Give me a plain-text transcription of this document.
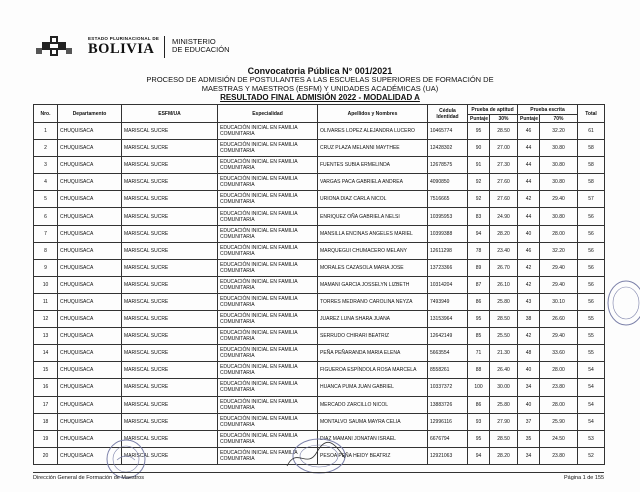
ESTADO PLURINACIONAL DE
BOLIVIA MINISTERIO
DE EDUCACIÓN
Convocatoria Pública N° 001/2021
PROCESO DE ADMISIÓN DE POSTULANTES A LAS ESCUELAS SUPERIORES DE FORMACIÓN DE
MAESTRAS Y MAESTROS (ESFM) Y UNIDADES ACADÉMICAS (UA)
RESULTADO FINAL ADMISIÓN 2022 - MODALIDAD A
Nro.	Departamento	ESFM/UA	Especialidad	Apellidos y Nombres	Cédula Identidad	Prueba de aptitud		Prueba escrita		Total
						Puntaje	30%	Puntaje	70%	
1	CHUQUISACA	MARISCAL SUCRE	EDUCACIÓN INICIAL EN FAMILIA COMUNITARIA	OLIVARES LOPEZ ALEJANDRA LUCERO	10465774	95	28.50	46	32.20	61
2	CHUQUISACA	MARISCAL SUCRE	EDUCACIÓN INICIAL EN FAMILIA COMUNITARIA	CRUZ PLAZA MELANNI MAYTHEE	12428302	90	27.00	44	30.80	58
3	CHUQUISACA	MARISCAL SUCRE	EDUCACIÓN INICIAL EN FAMILIA COMUNITARIA	FUENTES SUBIA ERMELINDA	12678575	91	27.30	44	30.80	58
4	CHUQUISACA	MARISCAL SUCRE	EDUCACIÓN INICIAL EN FAMILIA COMUNITARIA	VARGAS PACA GABRIELA ANDREA	4090850	92	27.60	44	30.80	58
5	CHUQUISACA	MARISCAL SUCRE	EDUCACIÓN INICIAL EN FAMILIA COMUNITARIA	URIONA DIAZ CARLA NICOL	7516665	92	27.60	42	29.40	57
6	CHUQUISACA	MARISCAL SUCRE	EDUCACIÓN INICIAL EN FAMILIA COMUNITARIA	ENRIQUEZ OÑA GABRIELA NELSI	10395953	83	24.90	44	30.80	56
7	CHUQUISACA	MARISCAL SUCRE	EDUCACIÓN INICIAL EN FAMILIA COMUNITARIA	MANSILLA ENCINAS ANGELES MARIEL	10399388	94	28.20	40	28.00	56
8	CHUQUISACA	MARISCAL SUCRE	EDUCACIÓN INICIAL EN FAMILIA COMUNITARIA	MARQUEGUI CHUMACERO MELANY	12611298	78	23.40	46	32.20	56
9	CHUQUISACA	MARISCAL SUCRE	EDUCACIÓN INICIAL EN FAMILIA COMUNITARIA	MORALES CAZASOLA MARIA JOSE	13723366	89	26.70	42	29.40	56
10	CHUQUISACA	MARISCAL SUCRE	EDUCACIÓN INICIAL EN FAMILIA COMUNITARIA	MAMANI GARCIA JOSSELYN LIZBETH	10314204	87	26.10	42	29.40	56
11	CHUQUISACA	MARISCAL SUCRE	EDUCACIÓN INICIAL EN FAMILIA COMUNITARIA	TORRES MEDRANO CAROLINA NEYZA	7493949	86	25.80	43	30.10	56
12	CHUQUISACA	MARISCAL SUCRE	EDUCACIÓN INICIAL EN FAMILIA COMUNITARIA	JUAREZ LUNA SHARA JUANA	13153964	95	28.50	38	26.60	55
13	CHUQUISACA	MARISCAL SUCRE	EDUCACIÓN INICIAL EN FAMILIA COMUNITARIA	SERRUDO CHIRARI BEATRIZ	12642149	85	25.50	42	29.40	55
14	CHUQUISACA	MARISCAL SUCRE	EDUCACIÓN INICIAL EN FAMILIA COMUNITARIA	PEÑA PEÑARANDA MARIA ELENA	5663554	71	21.30	48	33.60	55
15	CHUQUISACA	MARISCAL SUCRE	EDUCACIÓN INICIAL EN FAMILIA COMUNITARIA	FIGUEROA ESPÍNDOLA ROSA MARCELA	8558261	88	26.40	40	28.00	54
16	CHUQUISACA	MARISCAL SUCRE	EDUCACIÓN INICIAL EN FAMILIA COMUNITARIA	HUANCA PUMA JUAN GABRIEL	10337372	100	30.00	34	23.80	54
17	CHUQUISACA	MARISCAL SUCRE	EDUCACIÓN INICIAL EN FAMILIA COMUNITARIA	MERCADO ZARCILLO NICOL	13883726	86	25.80	40	28.00	54
18	CHUQUISACA	MARISCAL SUCRE	EDUCACIÓN INICIAL EN FAMILIA COMUNITARIA	MONTALVO SAUMA MAYRA CELIA	12996116	93	27.90	37	25.90	54
19	CHUQUISACA	MARISCAL SUCRE	EDUCACIÓN INICIAL EN FAMILIA COMUNITARIA	DIAZ MAMANI JONATAN ISRAEL	6676794	95	28.50	35	24.50	53
20	CHUQUISACA	MARISCAL SUCRE	EDUCACIÓN INICIAL EN FAMILIA COMUNITARIA	PESOA PEÑA HEIDY BEATRIZ	12921063	94	28.20	34	23.80	52
Dirección General de Formación de Maestros	Página 1 de 155
